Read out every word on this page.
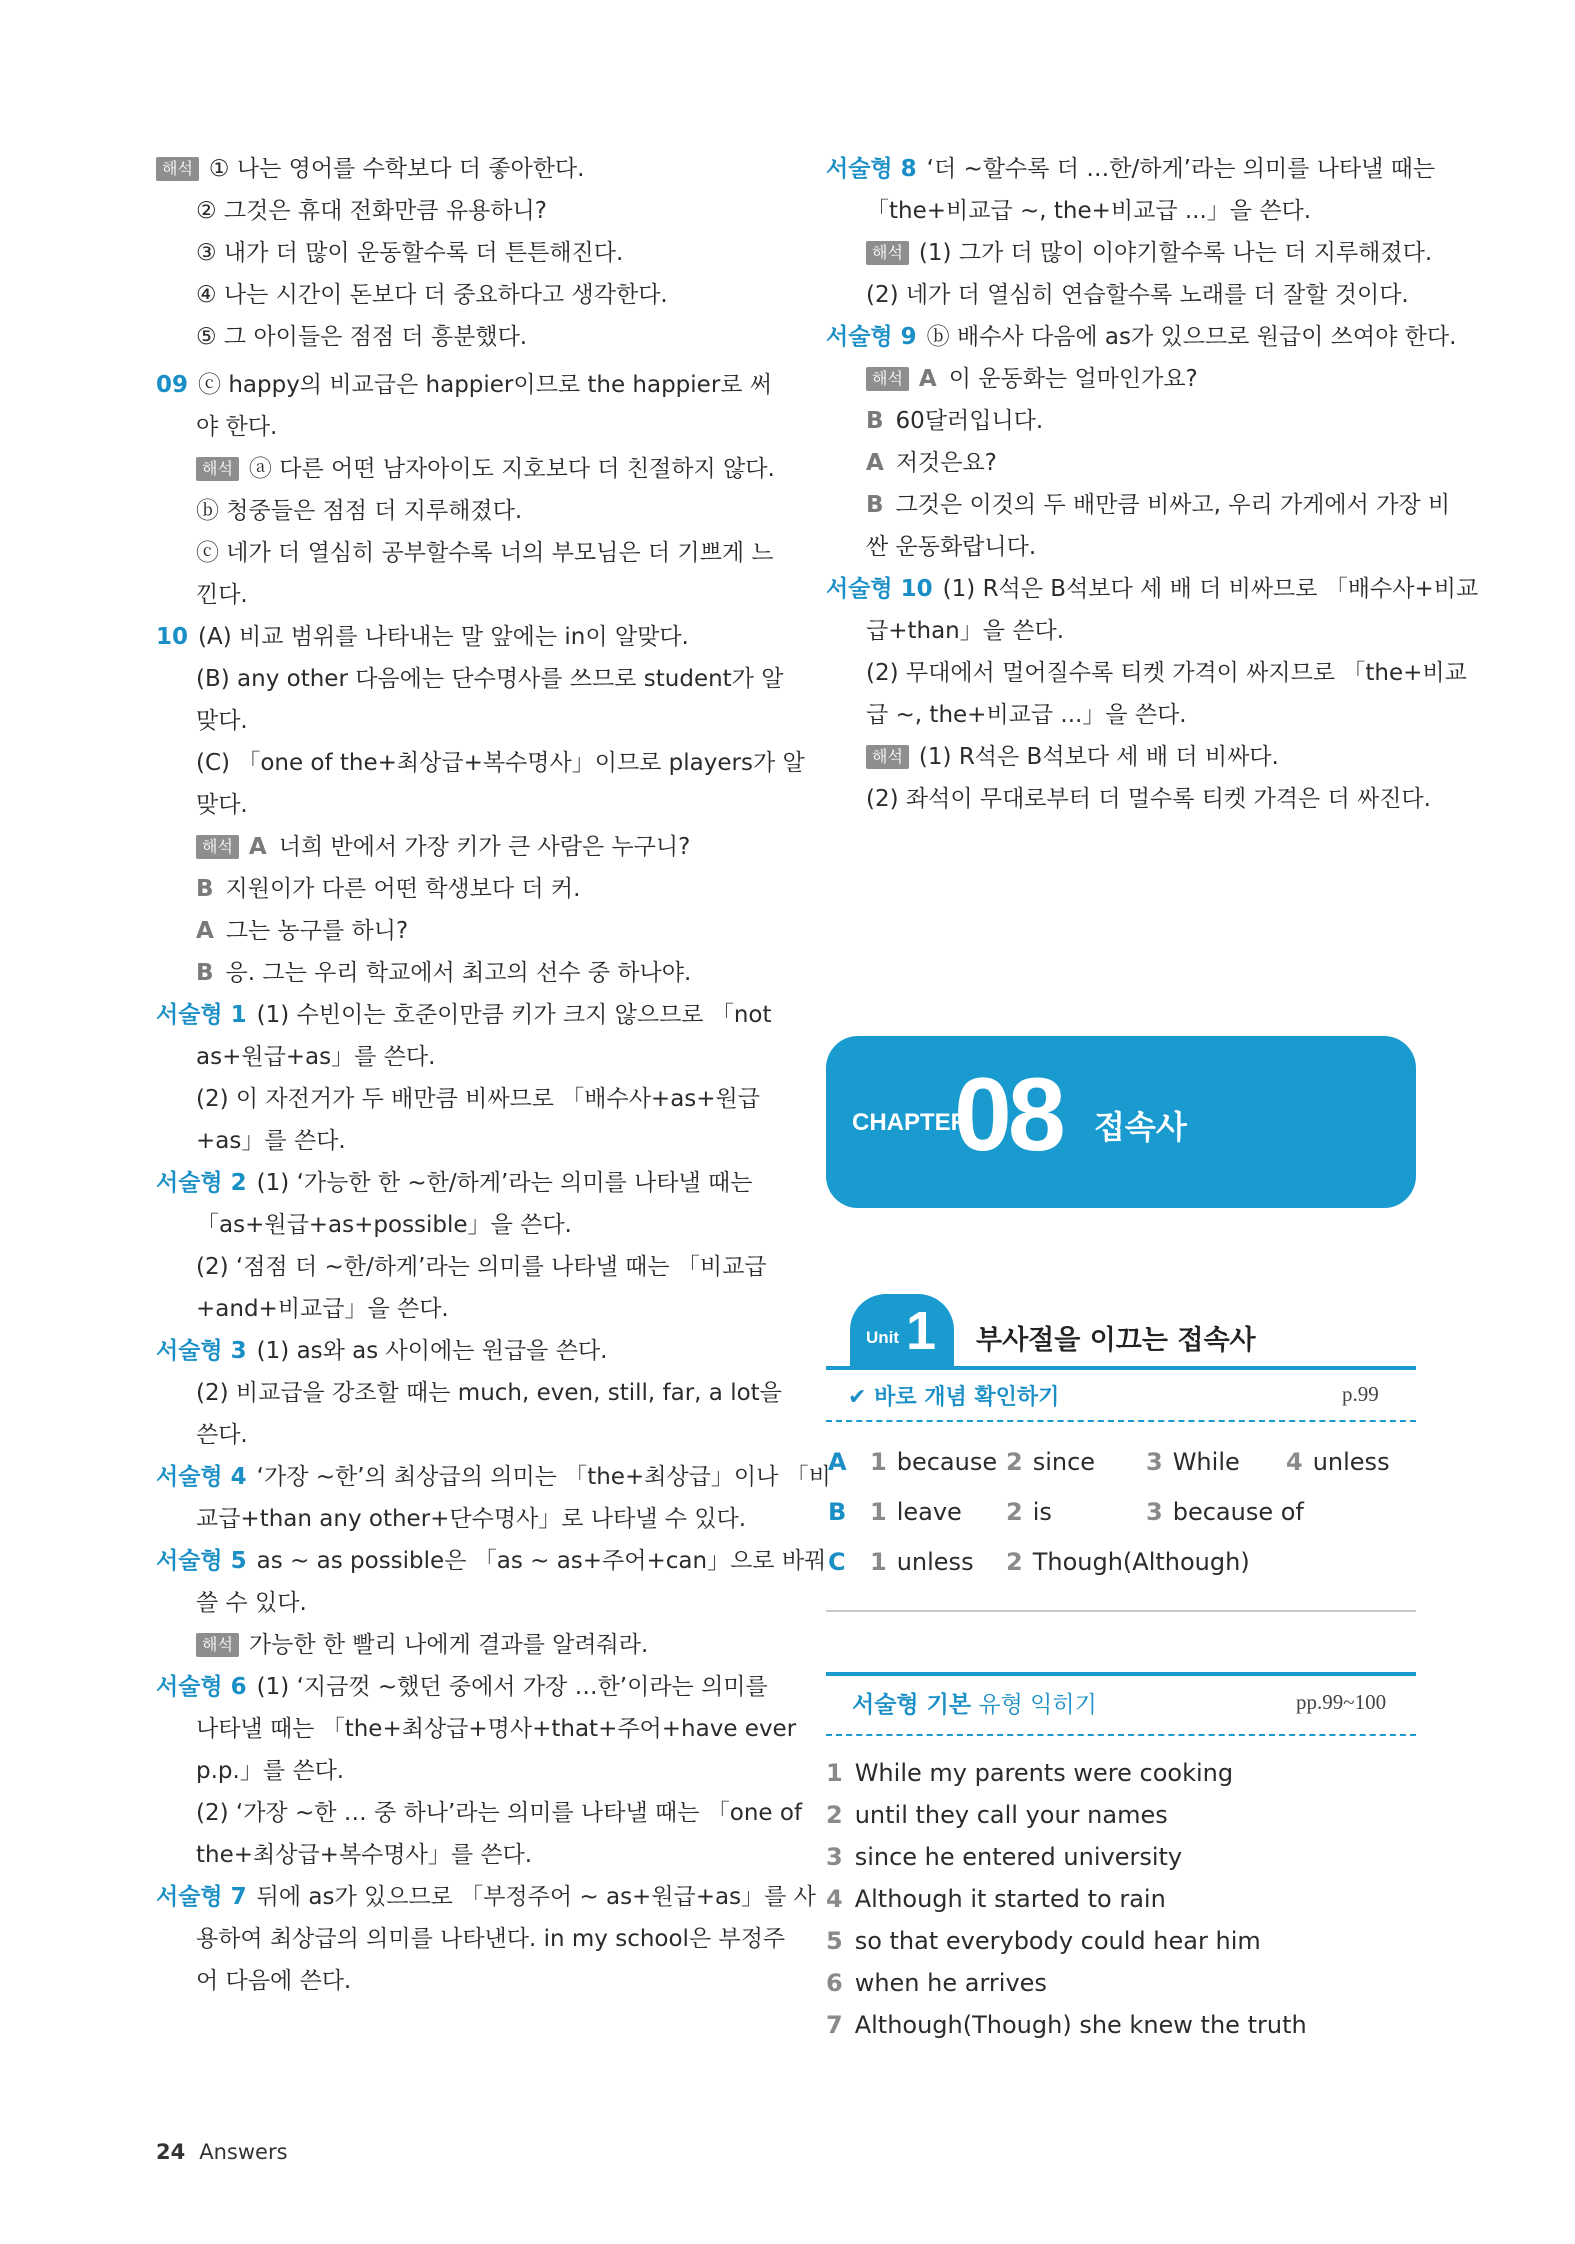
해석 ① 나는 영어를 수학보다 더 좋아한다.
② 그것은 휴대 전화만큼 유용하니?
③ 내가 더 많이 운동할수록 더 튼튼해진다.
④ 나는 시간이 돈보다 더 중요하다고 생각한다.
⑤ 그 아이들은 점점 더 흥분했다.
09 ⓒ happy의 비교급은 happier이므로 the happier로 써
야 한다.
해석 ⓐ 다른 어떤 남자아이도 지호보다 더 친절하지 않다.
ⓑ 청중들은 점점 더 지루해졌다.
ⓒ 네가 더 열심히 공부할수록 너의 부모님은 더 기쁘게 느
낀다.
10 (A) 비교 범위를 나타내는 말 앞에는 in이 알맞다.
(B) any other 다음에는 단수명사를 쓰므로 student가 알
맞다.
(C) 「one of the+최상급+복수명사」이므로 players가 알
맞다.
해석 A 너희 반에서 가장 키가 큰 사람은 누구니?
B 지원이가 다른 어떤 학생보다 더 커.
A 그는 농구를 하니?
B 응. 그는 우리 학교에서 최고의 선수 중 하나야.
서술형 1 (1) 수빈이는 호준이만큼 키가 크지 않으므로 「not
as+원급+as」를 쓴다.
(2) 이 자전거가 두 배만큼 비싸므로 「배수사+as+원급
+as」를 쓴다.
서술형 2 (1) ‘가능한 한 ~한/하게’라는 의미를 나타낼 때는
「as+원급+as+possible」을 쓴다.
(2) ‘점점 더 ~한/하게’라는 의미를 나타낼 때는 「비교급
+and+비교급」을 쓴다.
서술형 3 (1) as와 as 사이에는 원급을 쓴다.
(2) 비교급을 강조할 때는 much, even, still, far, a lot을
쓴다.
서술형 4 ‘가장 ~한’의 최상급의 의미는 「the+최상급」이나 「비
교급+than any other+단수명사」로 나타낼 수 있다.
서술형 5 as ~ as possible은 「as ~ as+주어+can」으로 바꿔
쓸 수 있다.
해석 가능한 한 빨리 나에게 결과를 알려줘라.
서술형 6 (1) ‘지금껏 ~했던 중에서 가장 …한’이라는 의미를
나타낼 때는 「the+최상급+명사+that+주어+have ever
p.p.」를 쓴다.
(2) ‘가장 ~한 … 중 하나’라는 의미를 나타낼 때는 「one of
the+최상급+복수명사」를 쓴다.
서술형 7 뒤에 as가 있으므로 「부정주어 ~ as+원급+as」를 사
용하여 최상급의 의미를 나타낸다. in my school은 부정주
어 다음에 쓴다.
서술형 8 ‘더 ~할수록 더 …한/하게’라는 의미를 나타낼 때는
「the+비교급 ~, the+비교급 ...」을 쓴다.
해석 (1) 그가 더 많이 이야기할수록 나는 더 지루해졌다.
(2) 네가 더 열심히 연습할수록 노래를 더 잘할 것이다.
서술형 9 ⓑ 배수사 다음에 as가 있으므로 원급이 쓰여야 한다.
해석 A 이 운동화는 얼마인가요?
B 60달러입니다.
A 저것은요?
B 그것은 이것의 두 배만큼 비싸고, 우리 가게에서 가장 비
싼 운동화랍니다.
서술형 10 (1) R석은 B석보다 세 배 더 비싸므로 「배수사+비교
급+than」을 쓴다.
(2) 무대에서 멀어질수록 티켓 가격이 싸지므로 「the+비교
급 ~, the+비교급 ...」을 쓴다.
해석 (1) R석은 B석보다 세 배 더 비싸다.
(2) 좌석이 무대로부터 더 멀수록 티켓 가격은 더 싸진다.
CHAPTER
08 접속사
Unit 1 부사절을 이끄는 접속사
✔ 바로 개념 확인하기	p.99
A 1 because 2 since 3 While 4 unless
B 1 leave 2 is	3 because of
C 1 unless 2 Though(Although)
서술형 기본 유형 익히기	pp.99~100
1 While my parents were cooking
2 until they call your names
3 since he entered university
4 Although it started to rain
5 so that everybody could hear him
6 when he arrives
7 Although(Though) she knew the truth
24 Answers
